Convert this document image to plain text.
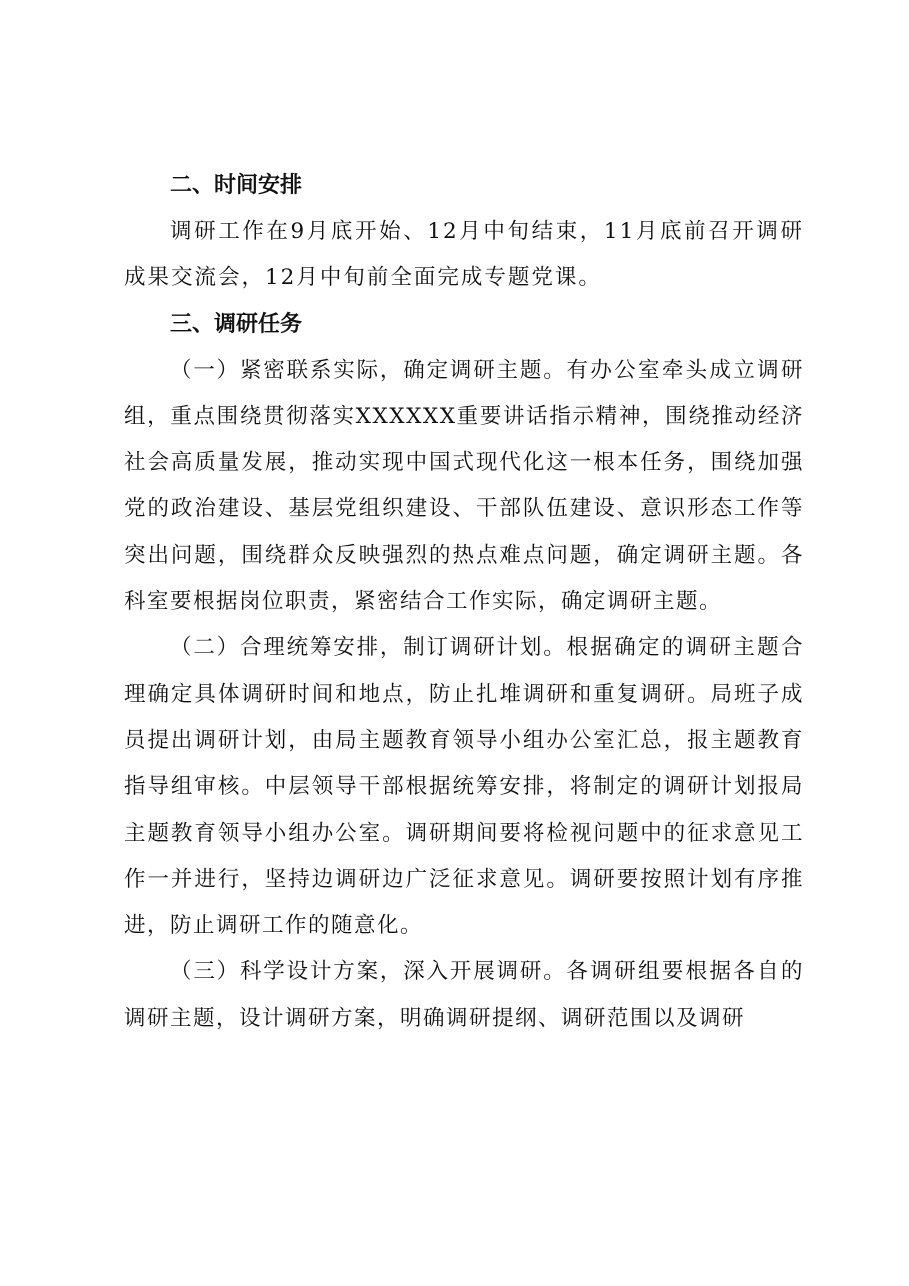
二、时间安排

调研工作在9月底开始、12月中旬结束，11月底前召开调研成果交流会，12月中旬前全面完成专题党课。

三、调研任务

（一）紧密联系实际，确定调研主题。有办公室牵头成立调研组，重点围绕贯彻落实XXXXXX重要讲话指示精神，围绕推动经济社会高质量发展，推动实现中国式现代化这一根本任务，围绕加强党的政治建设、基层党组织建设、干部队伍建设、意识形态工作等突出问题，围绕群众反映强烈的热点难点问题，确定调研主题。各科室要根据岗位职责，紧密结合工作实际，确定调研主题。

（二）合理统筹安排，制订调研计划。根据确定的调研主题合理确定具体调研时间和地点，防止扎堆调研和重复调研。局班子成员提出调研计划，由局主题教育领导小组办公室汇总，报主题教育指导组审核。中层领导干部根据统筹安排，将制定的调研计划报局主题教育领导小组办公室。调研期间要将检视问题中的征求意见工作一并进行，坚持边调研边广泛征求意见。调研要按照计划有序推进，防止调研工作的随意化。

（三）科学设计方案，深入开展调研。各调研组要根据各自的调研主题，设计调研方案，明确调研提纲、调研范围以及调研
